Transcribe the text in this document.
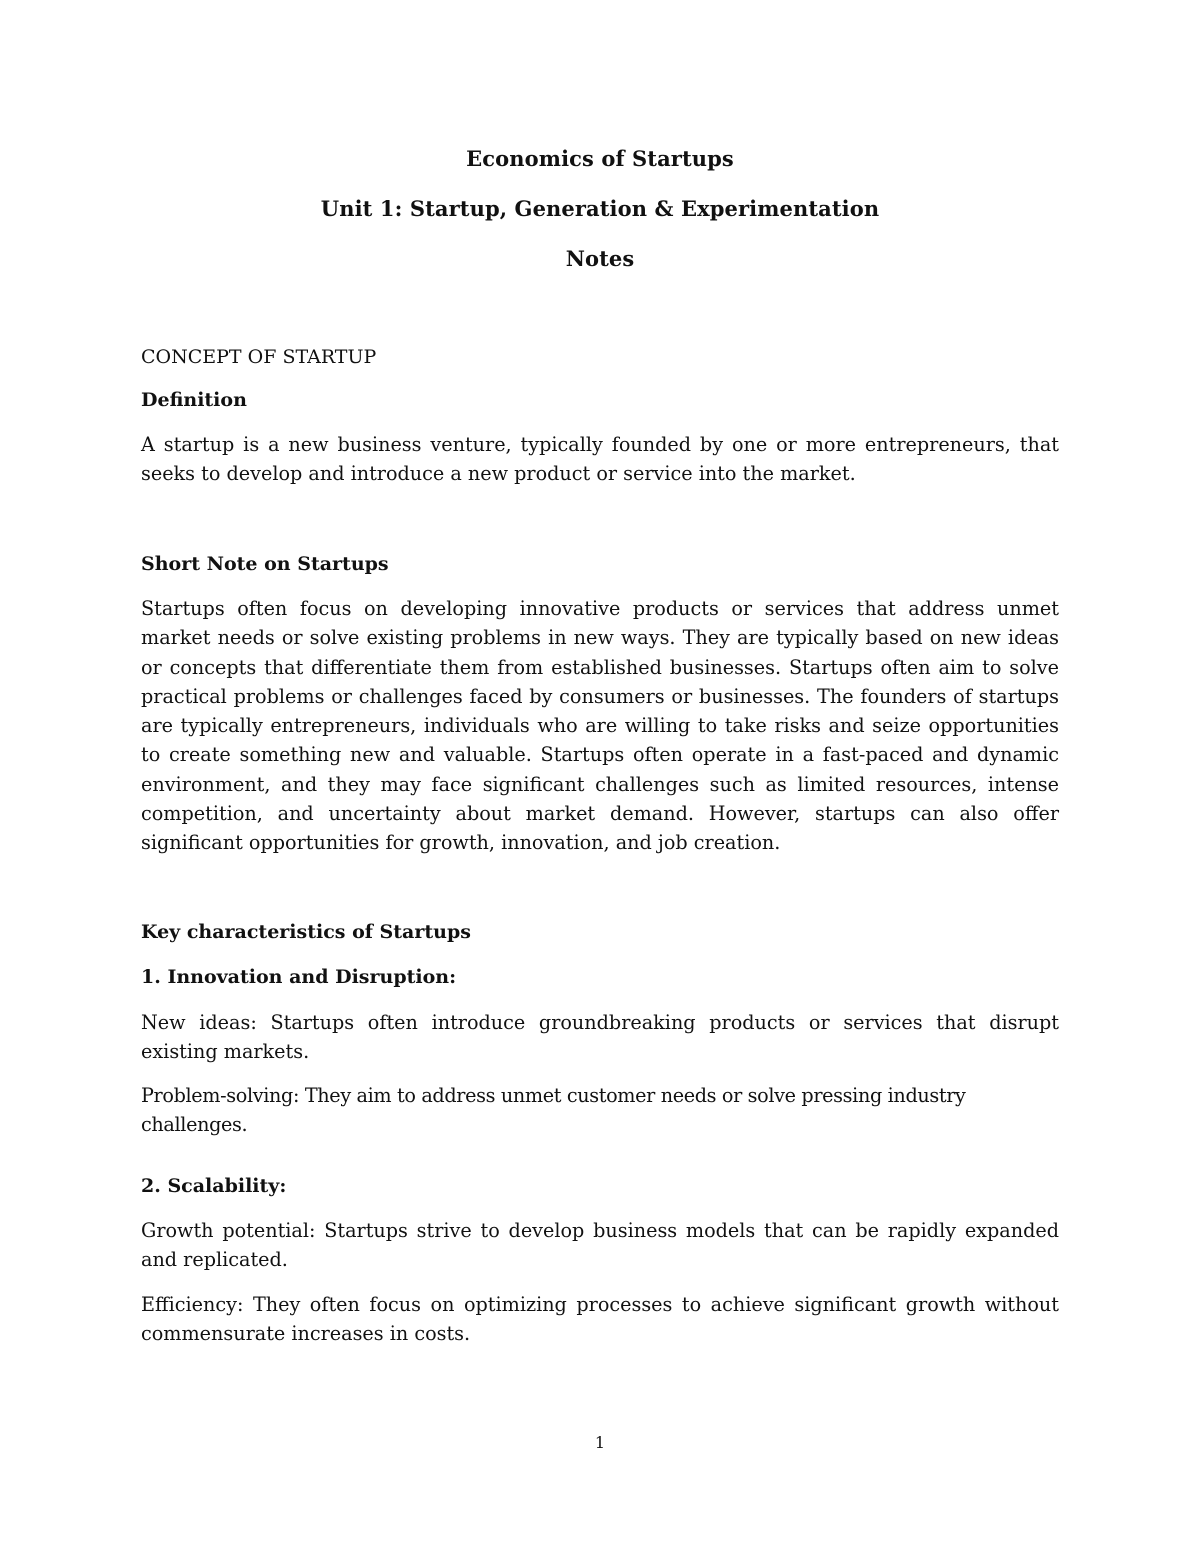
Economics of Startups
Unit 1: Startup, Generation & Experimentation
Notes
CONCEPT OF STARTUP
Definition
A startup is a new business venture, typically founded by one or more entrepreneurs, that seeks to develop and introduce a new product or service into the market.
Short Note on Startups
Startups often focus on developing innovative products or services that address unmet market needs or solve existing problems in new ways. They are typically based on new ideas or concepts that differentiate them from established businesses. Startups often aim to solve practical problems or challenges faced by consumers or businesses. The founders of startups are typically entrepreneurs, individuals who are willing to take risks and seize opportunities to create something new and valuable. Startups often operate in a fast-paced and dynamic environment, and they may face significant challenges such as limited resources, intense competition, and uncertainty about market demand. However, startups can also offer significant opportunities for growth, innovation, and job creation.
Key characteristics of Startups
1. Innovation and Disruption:
New ideas: Startups often introduce groundbreaking products or services that disrupt existing markets.
Problem-solving: They aim to address unmet customer needs or solve pressing industry challenges.
2. Scalability:
Growth potential: Startups strive to develop business models that can be rapidly expanded and replicated.
Efficiency: They often focus on optimizing processes to achieve significant growth without commensurate increases in costs.
1
